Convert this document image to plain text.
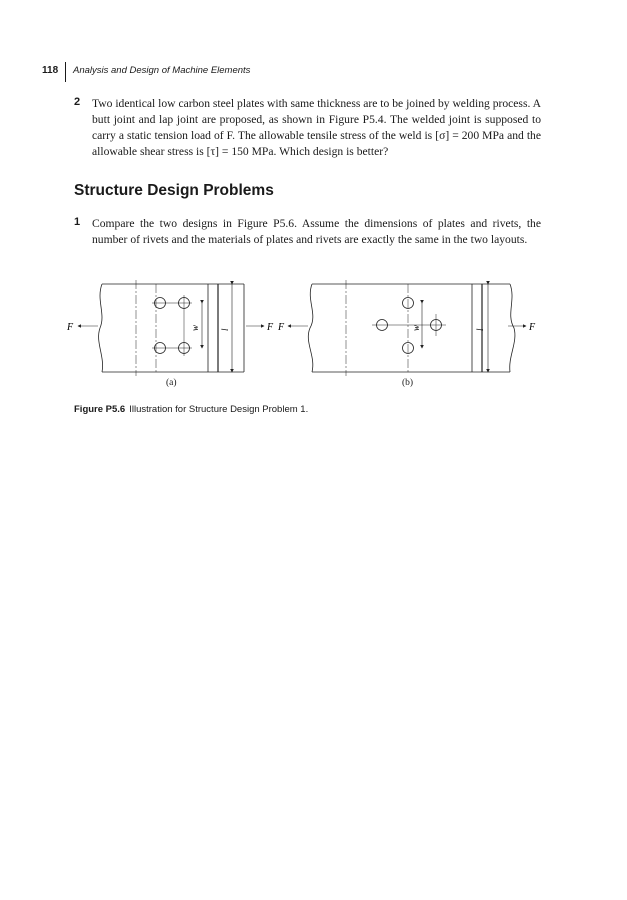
118 Analysis and Design of Machine Elements
2 Two identical low carbon steel plates with same thickness are to be joined by welding process. A butt joint and lap joint are proposed, as shown in Figure P5.4. The welded joint is supposed to carry a static tension load of F. The allowable tensile stress of the weld is [σ] = 200 MPa and the allowable shear stress is [τ] = 150 MPa. Which design is better?

Structure Design Problems
1 Compare the two designs in Figure P5.6. Assume the dimensions of plates and rivets, the number of rivets and the materials of plates and rivets are exactly the same in the two layouts.

F	F
w l	F	F
w	l
(a)	(b)
Figure P5.6 Illustration for Structure Design Problem 1.
